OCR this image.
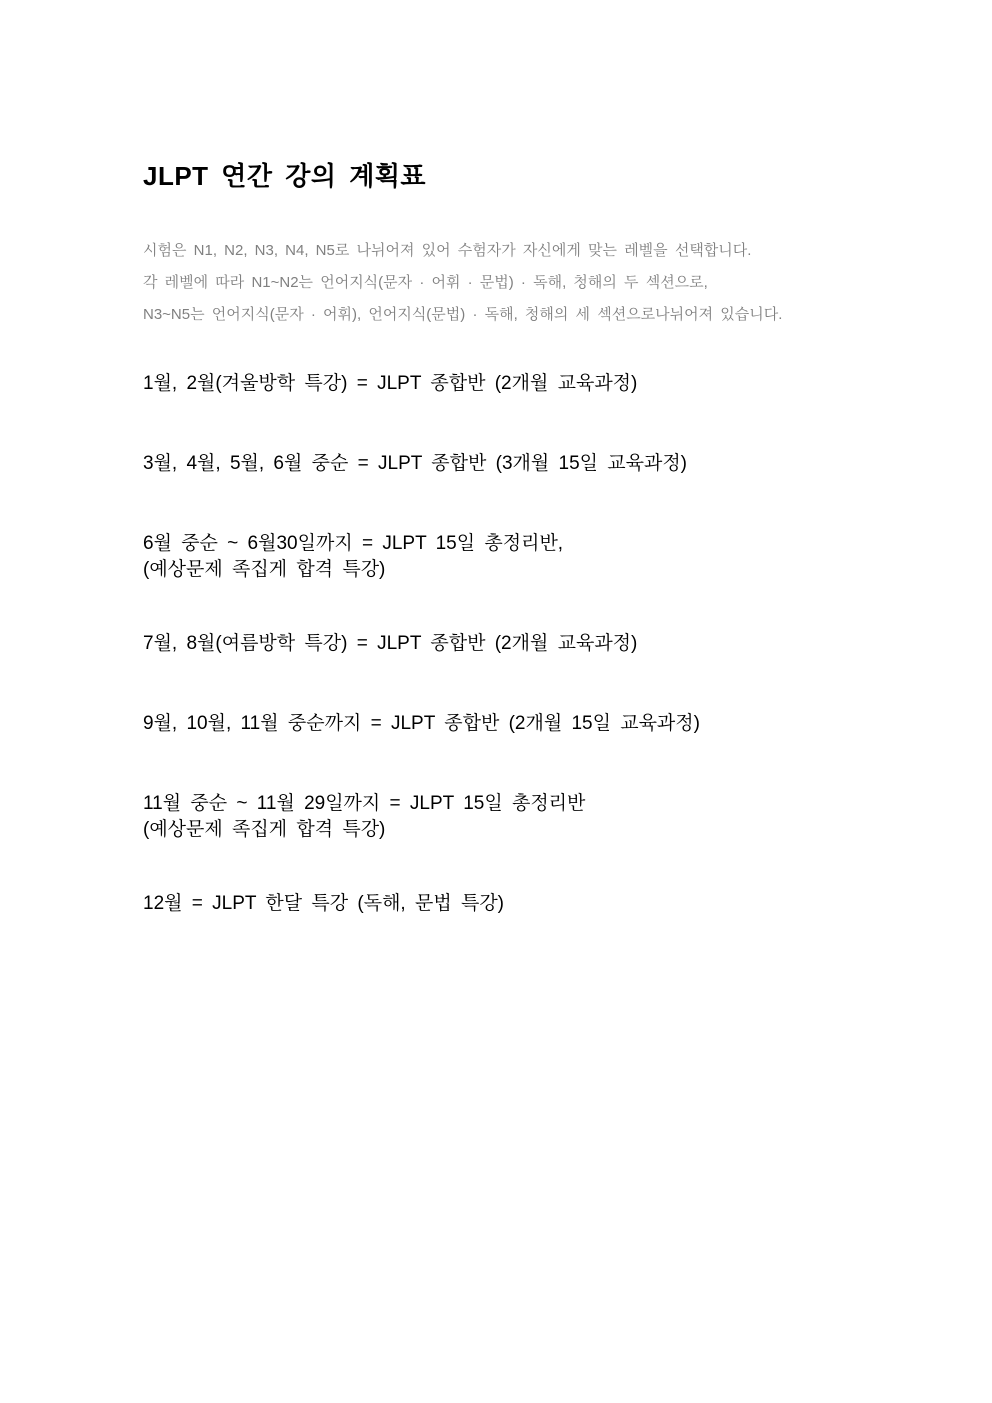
JLPT 연간 강의 계획표

시험은 N1, N2, N3, N4, N5로 나뉘어져 있어 수험자가 자신에게 맞는 레벨을 선택합니다.
각 레벨에 따라 N1~N2는 언어지식(문자 · 어휘 · 문법) · 독해, 청해의 두 섹션으로,
N3~N5는 언어지식(문자 · 어휘), 언어지식(문법) · 독해, 청해의 세 섹션으로나뉘어져 있습니다.

1월, 2월(겨울방학 특강) = JLPT 종합반 (2개월 교육과정)
3월, 4월, 5월, 6월 중순 = JLPT 종합반 (3개월 15일 교육과정)
6월 중순 ~ 6월30일까지 = JLPT 15일 총정리반,
(예상문제 족집게 합격 특강)
7월, 8월(여름방학 특강) = JLPT 종합반 (2개월 교육과정)
9월, 10월, 11월 중순까지 = JLPT 종합반 (2개월 15일 교육과정)
11월 중순 ~ 11월 29일까지 = JLPT 15일 총정리반
(예상문제 족집게 합격 특강)
12월 = JLPT 한달 특강 (독해, 문법 특강)
